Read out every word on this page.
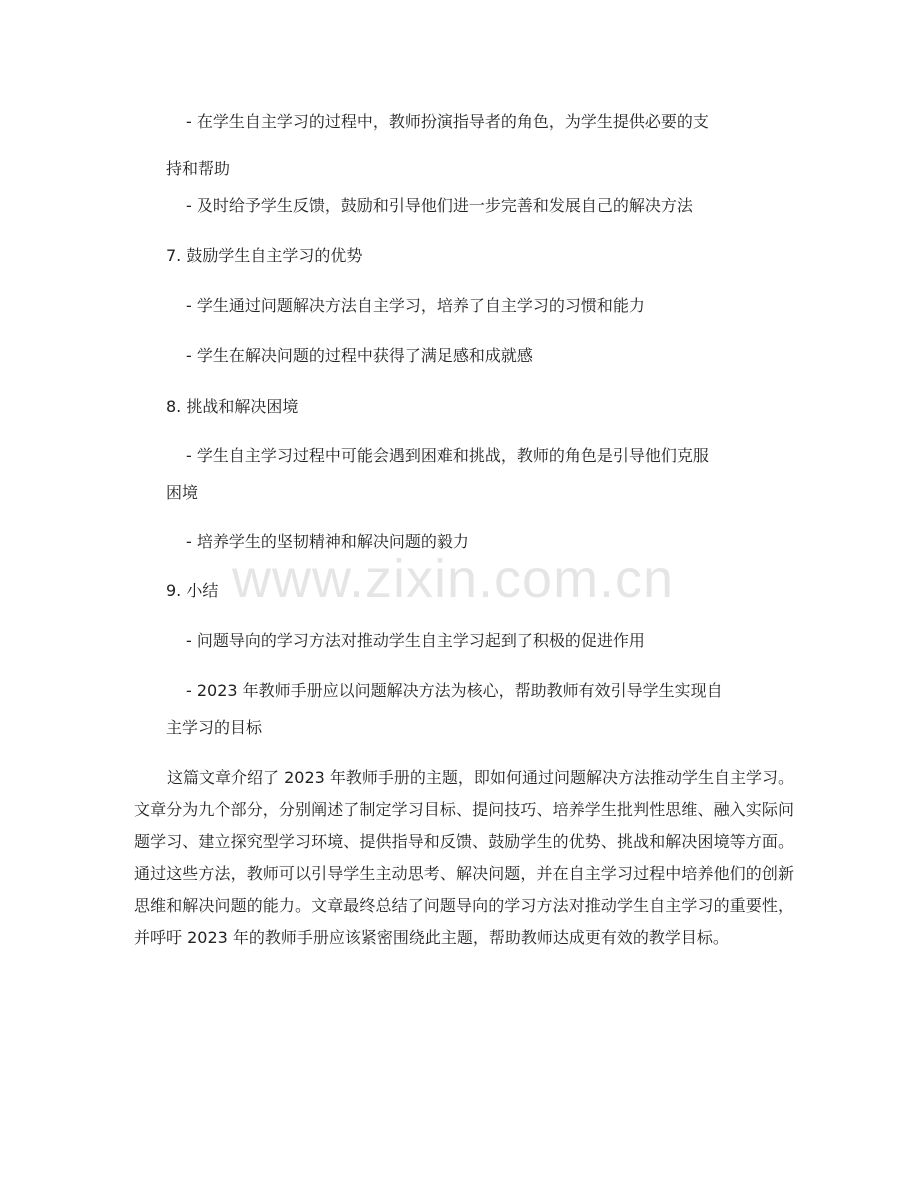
- 在学生自主学习的过程中，教师扮演指导者的角色，为学生提供必要的支
持和帮助
- 及时给予学生反馈，鼓励和引导他们进一步完善和发展自己的解决方法
7. 鼓励学生自主学习的优势
- 学生通过问题解决方法自主学习，培养了自主学习的习惯和能力
- 学生在解决问题的过程中获得了满足感和成就感
8. 挑战和解决困境
- 学生自主学习过程中可能会遇到困难和挑战，教师的角色是引导他们克服
困境
- 培养学生的坚韧精神和解决问题的毅力
9. 小结
- 问题导向的学习方法对推动学生自主学习起到了积极的促进作用
- 2023 年教师手册应以问题解决方法为核心，帮助教师有效引导学生实现自
主学习的目标
这篇文章介绍了 2023 年教师手册的主题，即如何通过问题解决方法推动学生自主学习。文章分为九个部分，分别阐述了制定学习目标、提问技巧、培养学生批判性思维、融入实际问题学习、建立探究型学习环境、提供指导和反馈、鼓励学生的优势、挑战和解决困境等方面。通过这些方法，教师可以引导学生主动思考、解决问题，并在自主学习过程中培养他们的创新思维和解决问题的能力。文章最终总结了问题导向的学习方法对推动学生自主学习的重要性，并呼吁 2023 年的教师手册应该紧密围绕此主题，帮助教师达成更有效的教学目标。
www.zixin.com.cn
